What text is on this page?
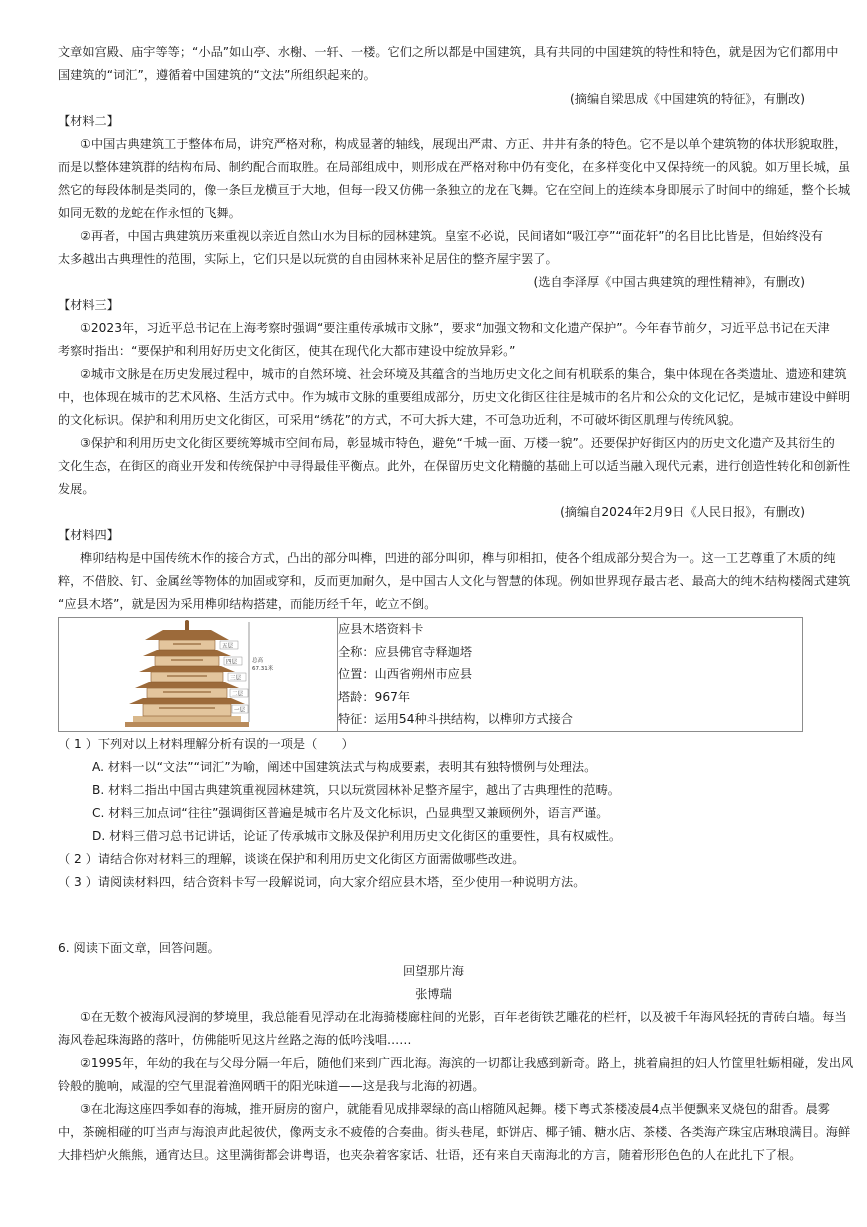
文章如宫殿、庙宇等等；“小品”如山亭、水榭、一轩、一楼。它们之所以都是中国建筑，具有共同的中国建筑的特性和特色，就是因为它们都用中
国建筑的“词汇”，遵循着中国建筑的“文法”所组织起来的。
(摘编自梁思成《中国建筑的特征》，有删改)
【材料二】
①中国古典建筑工于整体布局，讲究严格对称，构成显著的轴线，展现出严肃、方正、井井有条的特色。它不是以单个建筑物的体状形貌取胜，
而是以整体建筑群的结构布局、制约配合而取胜。在局部组成中，则形成在严格对称中仍有变化，在多样变化中又保持统一的风貌。如万里长城，虽
然它的每段体制是类同的，像一条巨龙横亘于大地，但每一段又仿佛一条独立的龙在飞舞。它在空间上的连续本身即展示了时间中的绵延，整个长城
如同无数的龙蛇在作永恒的飞舞。
②再者，中国古典建筑历来重视以亲近自然山水为目标的园林建筑。皇室不必说，民间诸如“吸江亭”“面花轩”的名目比比皆是，但始终没有
太多越出古典理性的范围，实际上，它们只是以玩赏的自由园林来补足居住的整齐屋宇罢了。
(选自李泽厚《中国古典建筑的理性精神》，有删改)
【材料三】
①2023年，习近平总书记在上海考察时强调“要注重传承城市文脉”，要求“加强文物和文化遗产保护”。今年春节前夕，习近平总书记在天津
考察时指出：“要保护和利用好历史文化街区，使其在现代化大都市建设中绽放异彩。”
②城市文脉是在历史发展过程中，城市的自然环境、社会环境及其蕴含的当地历史文化之间有机联系的集合，集中体现在各类遗址、遗迹和建筑
中，也体现在城市的艺术风格、生活方式中。作为城市文脉的重要组成部分，历史文化街区往往是城市的名片和公众的文化记忆，是城市建设中鲜明
的文化标识。保护和利用历史文化街区，可采用“绣花”的方式，不可大拆大建，不可急功近利，不可破坏街区肌理与传统风貌。
③保护和利用历史文化街区要统筹城市空间布局，彰显城市特色，避免“千城一面、万楼一貌”。还要保护好街区内的历史文化遗产及其衍生的
文化生态，在街区的商业开发和传统保护中寻得最佳平衡点。此外，在保留历史文化精髓的基础上可以适当融入现代元素，进行创造性转化和创新性
发展。
(摘编自2024年2月9日《人民日报》，有删改)
【材料四】
榫卯结构是中国传统木作的接合方式，凸出的部分叫榫，凹进的部分叫卯，榫与卯相扣，使各个组成部分契合为一。这一工艺尊重了木质的纯
粹，不借胶、钉、金属丝等物体的加固或穿和，反而更加耐久，是中国古人文化与智慧的体现。例如世界现存最古老、最高大的纯木结构楼阁式建筑
“应县木塔”，就是因为采用榫卯结构搭建，而能历经千年，屹立不倒。
总高
67.31米
五层
四层
三层
二层
一层

应县木塔资料卡
全称：应县佛官寺释迦塔
位置：山西省朔州市应县
塔龄：967年
特征：运用54种斗拱结构，以榫卯方式接合
（ 1 ）下列对以上材料理解分析有误的一项是（　　）
A. 材料一以“文法”“词汇”为喻，阐述中国建筑法式与构成要素，表明其有独特惯例与处理法。
B. 材料二指出中国古典建筑重视园林建筑，只以玩赏园林补足整齐屋宇，越出了古典理性的范畴。
C. 材料三加点词“往往”强调街区普遍是城市名片及文化标识，凸显典型又兼顾例外，语言严谨。
D. 材料三借习总书记讲话，论证了传承城市文脉及保护利用历史文化街区的重要性，具有权威性。
（ 2 ）请结合你对材料三的理解，谈谈在保护和利用历史文化街区方面需做哪些改进。
（ 3 ）请阅读材料四，结合资料卡写一段解说词，向大家介绍应县木塔，至少使用一种说明方法。
6. 阅读下面文章，回答问题。
回望那片海
张博瑞
①在无数个被海风浸润的梦境里，我总能看见浮动在北海骑楼廊柱间的光影，百年老街铁艺雕花的栏杆，以及被千年海风轻抚的青砖白墙。每当
海风卷起珠海路的落叶，仿佛能听见这片丝路之海的低吟浅唱……
②1995年，年幼的我在与父母分隔一年后，随他们来到广西北海。海滨的一切都让我感到新奇。路上，挑着扁担的妇人竹筐里牡蛎相碰，发出风
铃般的脆响，咸湿的空气里混着渔网晒干的阳光味道——这是我与北海的初遇。
③在北海这座四季如春的海城，推开厨房的窗户，就能看见成排翠绿的高山榕随风起舞。楼下粤式茶楼凌晨4点半便飘来叉烧包的甜香。晨雾
中，茶碗相碰的叮当声与海浪声此起彼伏，像两支永不疲倦的合奏曲。街头巷尾，虾饼店、椰子铺、糖水店、茶楼、各类海产珠宝店琳琅满目。海鲜
大排档炉火熊熊，通宵达旦。这里满街都会讲粤语，也夹杂着客家话、壮语，还有来自天南海北的方言，随着形形色色的人在此扎下了根。
